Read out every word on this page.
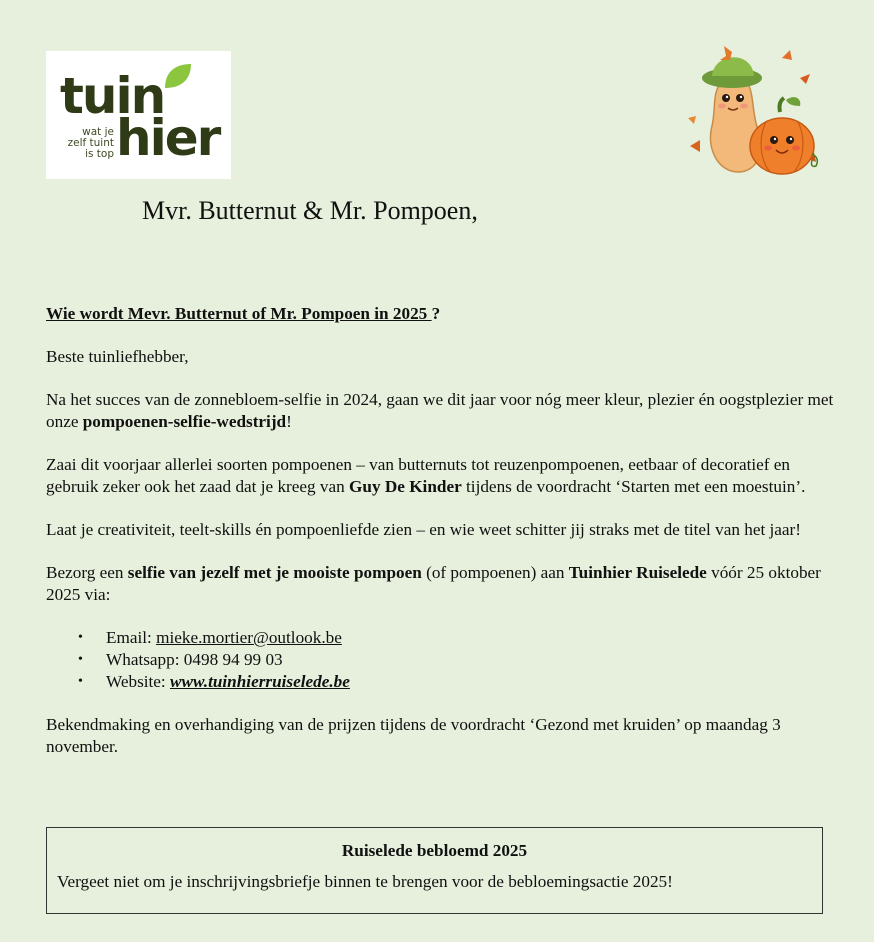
tuin
hier
wat je
zelf tuint
is top
Mvr. Butternut & Mr. Pompoen,

Wie wordt Mevr. Butternut of Mr. Pompoen in 2025 ?

Beste tuinliefhebber,

Na het succes van de zonnebloem-selfie in 2024, gaan we dit jaar voor nóg meer kleur, plezier én oogstplezier met onze pompoenen-selfie-wedstrijd!

Zaai dit voorjaar allerlei soorten pompoenen – van butternuts tot reuzenpompoenen, eetbaar of decoratief en gebruik zeker ook het zaad dat je kreeg van Guy De Kinder tijdens de voordracht ‘Starten met een moestuin’.

Laat je creativiteit, teelt-skills én pompoenliefde zien – en wie weet schitter jij straks met de titel van het jaar!

Bezorg een selfie van jezelf met je mooiste pompoen (of pompoenen) aan Tuinhier Ruiselede vóór 25 oktober 2025 via:

• Email: mieke.mortier@outlook.be
• Whatsapp: 0498 94 99 03
• Website: www.tuinhierruiselede.be

Bekendmaking en overhandiging van de prijzen tijdens de voordracht ‘Gezond met kruiden’ op maandag 3 november.

Ruiselede bebloemd 2025
Vergeet niet om je inschrijvingsbriefje binnen te brengen voor de bebloemingsactie 2025!
